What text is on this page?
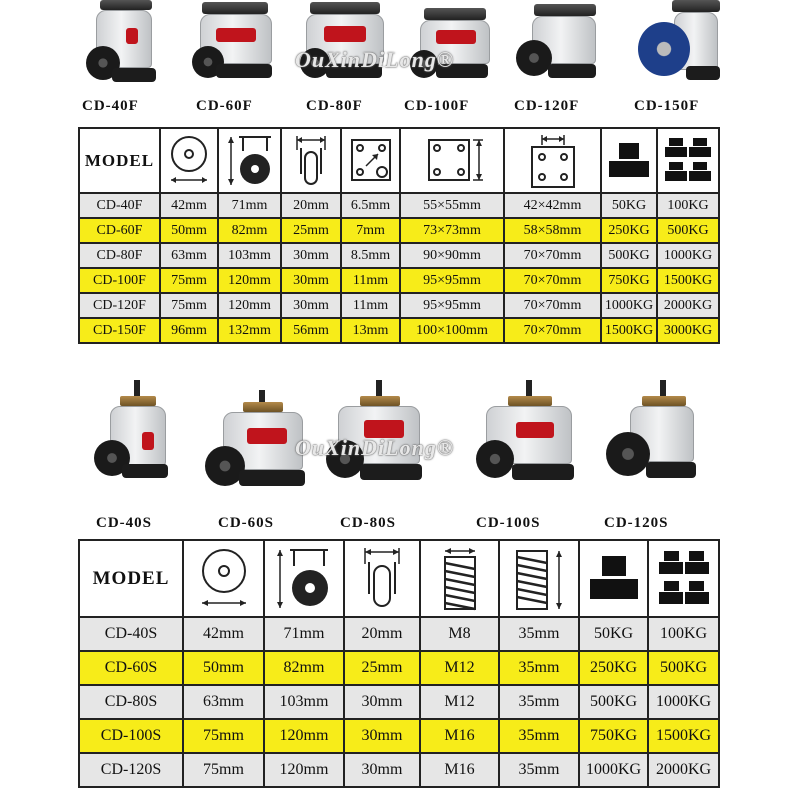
OuXinDiLong®
CD-40F	CD-60F	CD-80F	CD-100F	CD-120F	CD-150F
MODEL	

CD-40F	42mm	71mm	20mm	6.5mm	55×55mm	42×42mm	50KG	100KG
CD-60F	50mm	82mm	25mm	7mm	73×73mm	58×58mm	250KG	500KG
CD-80F	63mm	103mm	30mm	8.5mm	90×90mm	70×70mm	500KG	1000KG
CD-100F	75mm	120mm	30mm	11mm	95×95mm	70×70mm	750KG	1500KG
CD-120F	75mm	120mm	30mm	11mm	95×95mm	70×70mm	1000KG	2000KG
CD-150F	96mm	132mm	56mm	13mm	100×100mm	70×70mm	1500KG	3000KG
OuXinDiLong®
CD-40S	CD-60S	CD-80S	CD-100S	CD-120S
MODEL	

CD-40S	42mm	71mm	20mm	M8	35mm	50KG	100KG
CD-60S	50mm	82mm	25mm	M12	35mm	250KG	500KG
CD-80S	63mm	103mm	30mm	M12	35mm	500KG	1000KG
CD-100S	75mm	120mm	30mm	M16	35mm	750KG	1500KG
CD-120S	75mm	120mm	30mm	M16	35mm	1000KG	2000KG
